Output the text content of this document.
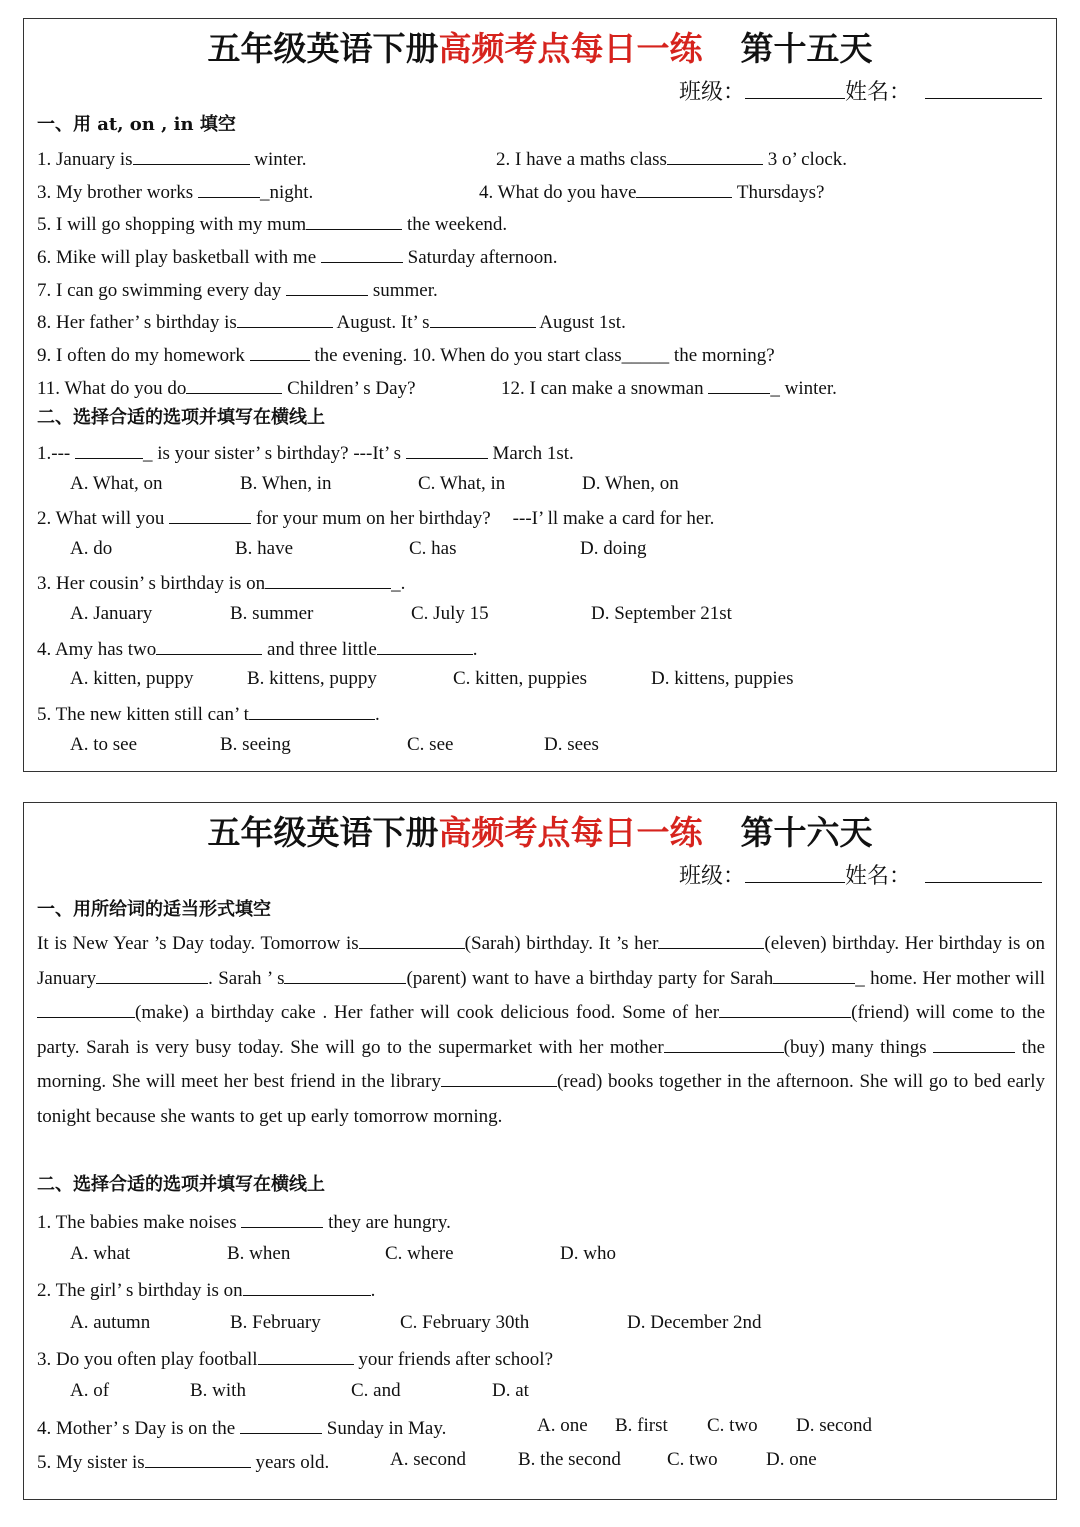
五年级英语下册高频考点每日一练 第十五天
班级：	姓名：
一、用 at, on , in 填空
1. January is	winter.	2. I have a maths class	3 o’ clock.
3. My brother works	_night.	4. What do you have	Thursdays?
5. I will go shopping with my mum	the weekend.
6. Mike will play basketball with me	Saturday afternoon.
7. I can go swimming every day	summer.
8. Her father’ s birthday is	August. It’ s	August 1st.
9. I often do my homework	the evening. 10. When do you start class_____ the morning?
11. What do you do	Children’ s Day?	12. I can make a snowman	_ winter.
二、选择合适的选项并填写在横线上
1.---	_ is your sister’ s birthday? ---It’ s	March 1st.
A. What, on	B. When, in	C. What, in	D. When, on
2. What will you	for your mum on her birthday? ---I’ ll make a card for her.
A. do	B. have	C. has	D. doing
3. Her cousin’ s birthday is on	_.
A. January	B. summer	C. July 15	D. September 21st
4. Amy has two	and three little	.
A. kitten, puppy	B. kittens, puppy	C. kitten, puppies	D. kittens, puppies
5. The new kitten still can’ t	.
A. to see	B. seeing	C. see	D. sees
五年级英语下册高频考点每日一练 第十六天
班级：	姓名：
一、用所给词的适当形式填空
It is New Year ’s Day today. Tomorrow is	(Sarah) birthday. It ’s her	(eleven) birthday. Her birthday is on January	. Sarah ’ s	(parent) want to have a birthday party for Sarah	_ home. Her mother will(make) a birthday cake . Her father will cook delicious food. Some of her	(friend) will come to the party. Sarah is very busy today. She will go to the supermarket with her mother	(buy) many things	the morning. She will meet her best friend in the library	(read) books together in the afternoon. She will go to bed early tonight because she wants to get up early tomorrow morning.
二、选择合适的选项并填写在横线上
1. The babies make noises	they are hungry.
A. what	B. when	C. where	D. who
2. The girl’ s birthday is on	.
A. autumn	B. February	C. February 30th	D. December 2nd
3. Do you often play football	your friends after school?
A. of	B. with	C. and	D. at
4. Mother’ s Day is on the	Sunday in May.	A. one B. first C. two D. second
5. My sister is	years old.	A. second	B. the second C. two	D. one
